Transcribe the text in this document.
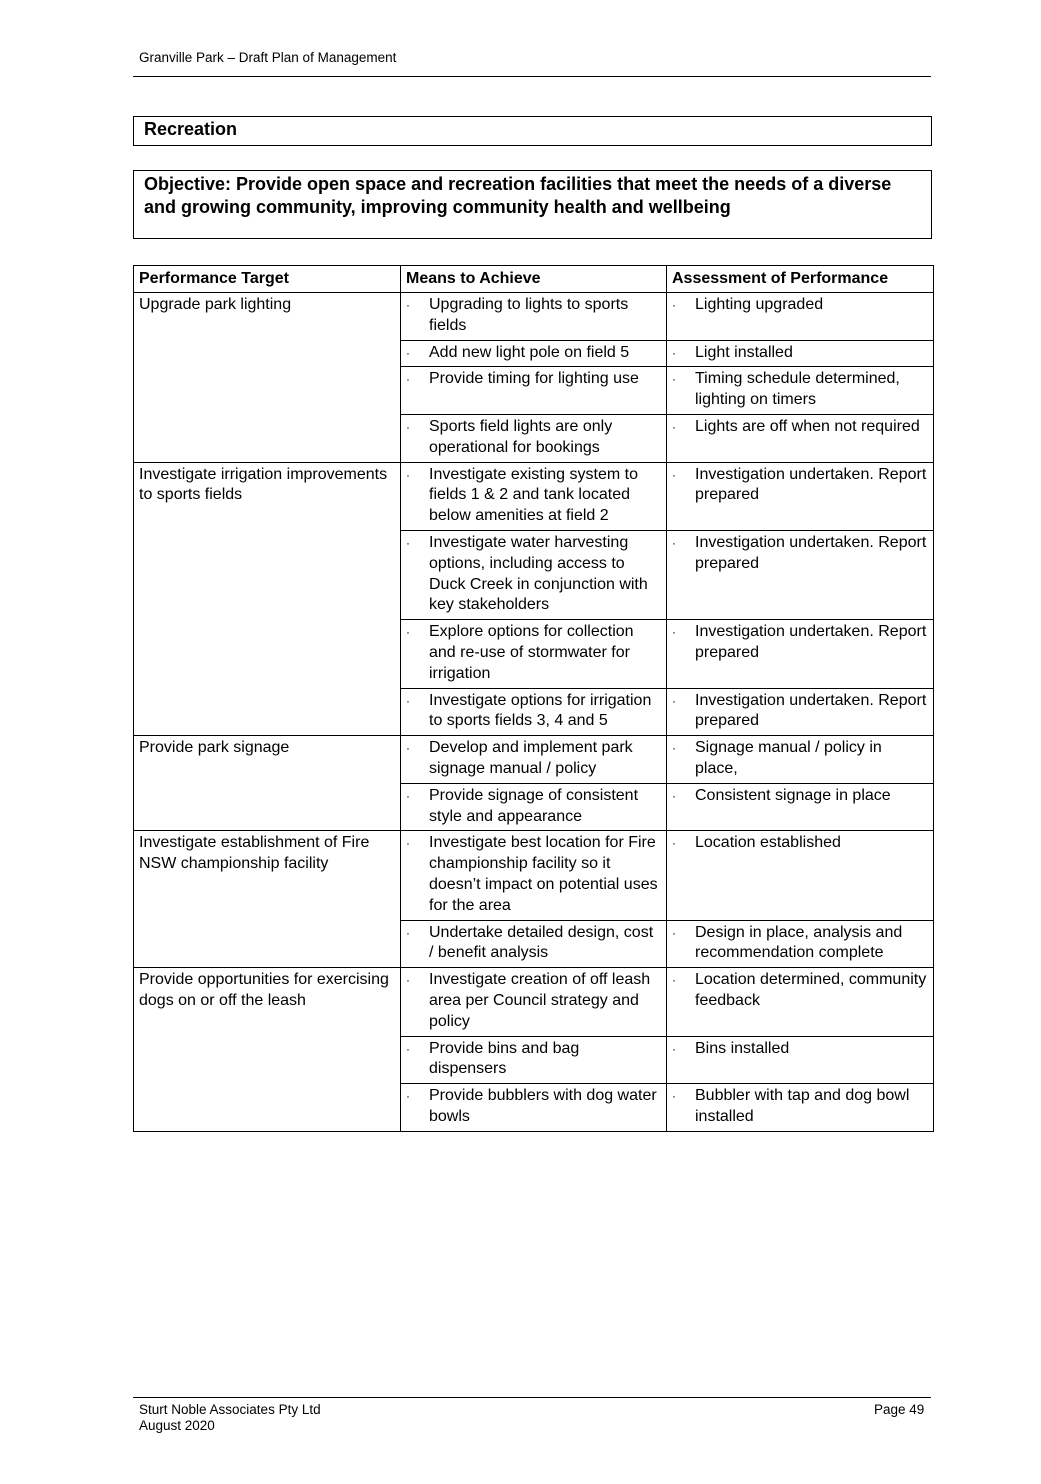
Granville Park – Draft Plan of Management
Recreation
Objective: Provide open space and recreation facilities that meet the needs of a diverse and growing community, improving community health and wellbeing
Performance Target	Means to Achieve	Assessment of Performance
Upgrade park lighting	· Upgrading to lights to sports fields	· Lighting upgraded

	· Add new light pole on field 5	· Light installed

	· Provide timing for lighting use	· Timing schedule determined, lighting on timers

	· Sports field lights are only operational for bookings	· Lights are off when not required

Investigate irrigation improvements to sports fields	· Investigate existing system to fields 1 & 2 and tank located below amenities at field 2	· Investigation undertaken. Report prepared

	· Investigate water harvesting options, including access to Duck Creek in conjunction with key stakeholders	· Investigation undertaken. Report prepared

	· Explore options for collection and re-use of stormwater for irrigation	· Investigation undertaken. Report prepared

	· Investigate options for irrigation to sports fields 3, 4 and 5	· Investigation undertaken. Report prepared

Provide park signage	· Develop and implement park signage manual / policy	· Signage manual / policy in place,

	· Provide signage of consistent style and appearance	· Consistent signage in place

Investigate establishment of Fire NSW championship facility	· Investigate best location for Fire championship facility so it doesn’t impact on potential uses for the area	· Location established

	· Undertake detailed design, cost / benefit analysis	· Design in place, analysis and recommendation complete

Provide opportunities for exercising dogs on or off the leash	· Investigate creation of off leash area per Council strategy and policy	· Location determined, community feedback

	· Provide bins and bag dispensers	· Bins installed

	· Provide bubblers with dog water bowls	· Bubbler with tap and dog bowl installed
Sturt Noble Associates Pty Ltd
August 2020
Page 49
